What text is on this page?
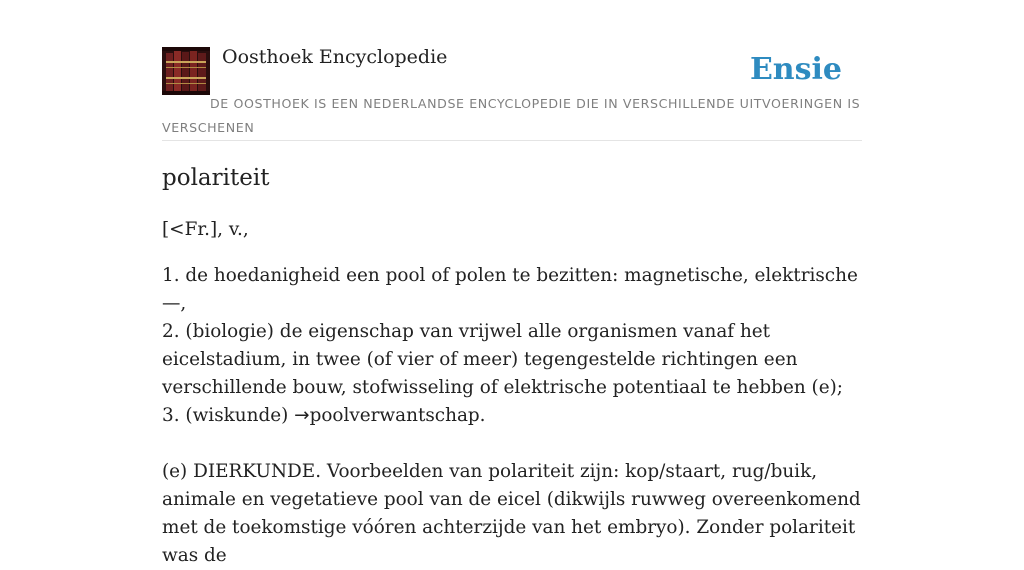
Oosthoek Encyclopedie	Ensie
DE OOSTHOEK IS EEN NEDERLANDSE ENCYCLOPEDIE DIE IN VERSCHILLENDE UITVOERINGEN IS VERSCHENEN
polariteit

[<Fr.], v.,

1. de hoedanigheid een pool of polen te bezitten: magnetische, elektrische —,
2. (biologie) de eigenschap van vrijwel alle organismen vanaf het eicelstadium, in twee (of vier of meer) tegengestelde richtingen een verschillende bouw, stofwisseling of elektrische potentiaal te hebben (e);
3. (wiskunde) →poolverwantschap.

(e) DIERKUNDE. Voorbeelden van polariteit zijn: kop/staart, rug/buik, animale en vegetatieve pool van de eicel (dikwijls ruwweg overeenkomend met de toekomstige vóóren achterzijde van het embryo). Zonder polariteit was de
